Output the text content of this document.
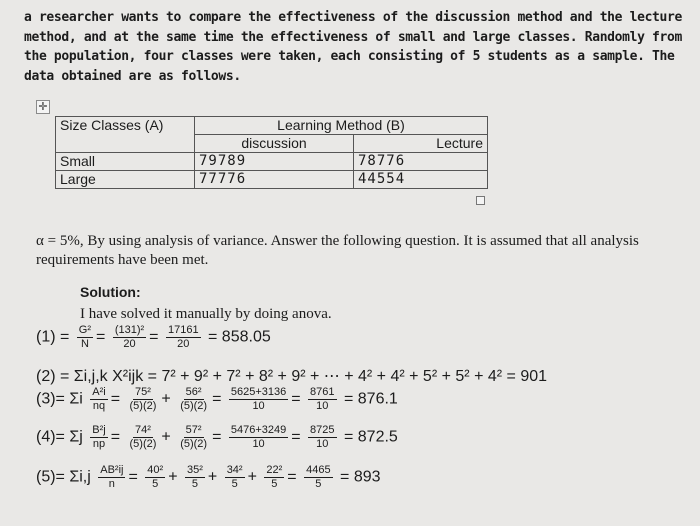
a researcher wants to compare the effectiveness of the discussion method and the lecture method, and at the same time the effectiveness of small and large classes. Randomly from the population, four classes were taken, each consisting of 5 students as a sample. The data obtained are as follows.
✛
Size Classes (A)	Learning Method (B)	
	discussion	Lecture
Small	79789	78776
Large	77776	44554
α = 5%, By using analysis of variance. Answer the following question. It is assumed that all analysis requirements have been met.
Solution:
I have solved it manually by doing anova.
$(1) = \frac{\text{G²}}{N} = \frac{\text{(131)²}}{20} = \frac{17161}{20} = 858.05$
(2) = Σi,j,k X²ijk = 7² + 9² + 7² + 8² + 9² + ⋯ + 4² + 4² + 5² + 5² + 4² = 901
(3)= Σi $\frac{\text{A²i}}{nq} = \frac{\text{75²}}{(5)(2)} + \frac{\text{56²}}{(5)(2)} = \frac{5625+3136}{10} = \frac{8761}{10} = 876.1$
(4)= Σj $\frac{\text{B²j}}{np} = \frac{\text{74²}}{(5)(2)} + \frac{\text{57²}}{(5)(2)} = \frac{5476+3249}{10} = \frac{8725}{10} = 872.5$
$(5)= \Sigma i,j \frac{\text{AB²ij}}{n} = \frac{\text{40²}}{5} + \frac{\text{35²}}{5} + \frac{\text{34²}}{5} + \frac{\text{22²}}{5} = \frac{4465}{5} = 893$
